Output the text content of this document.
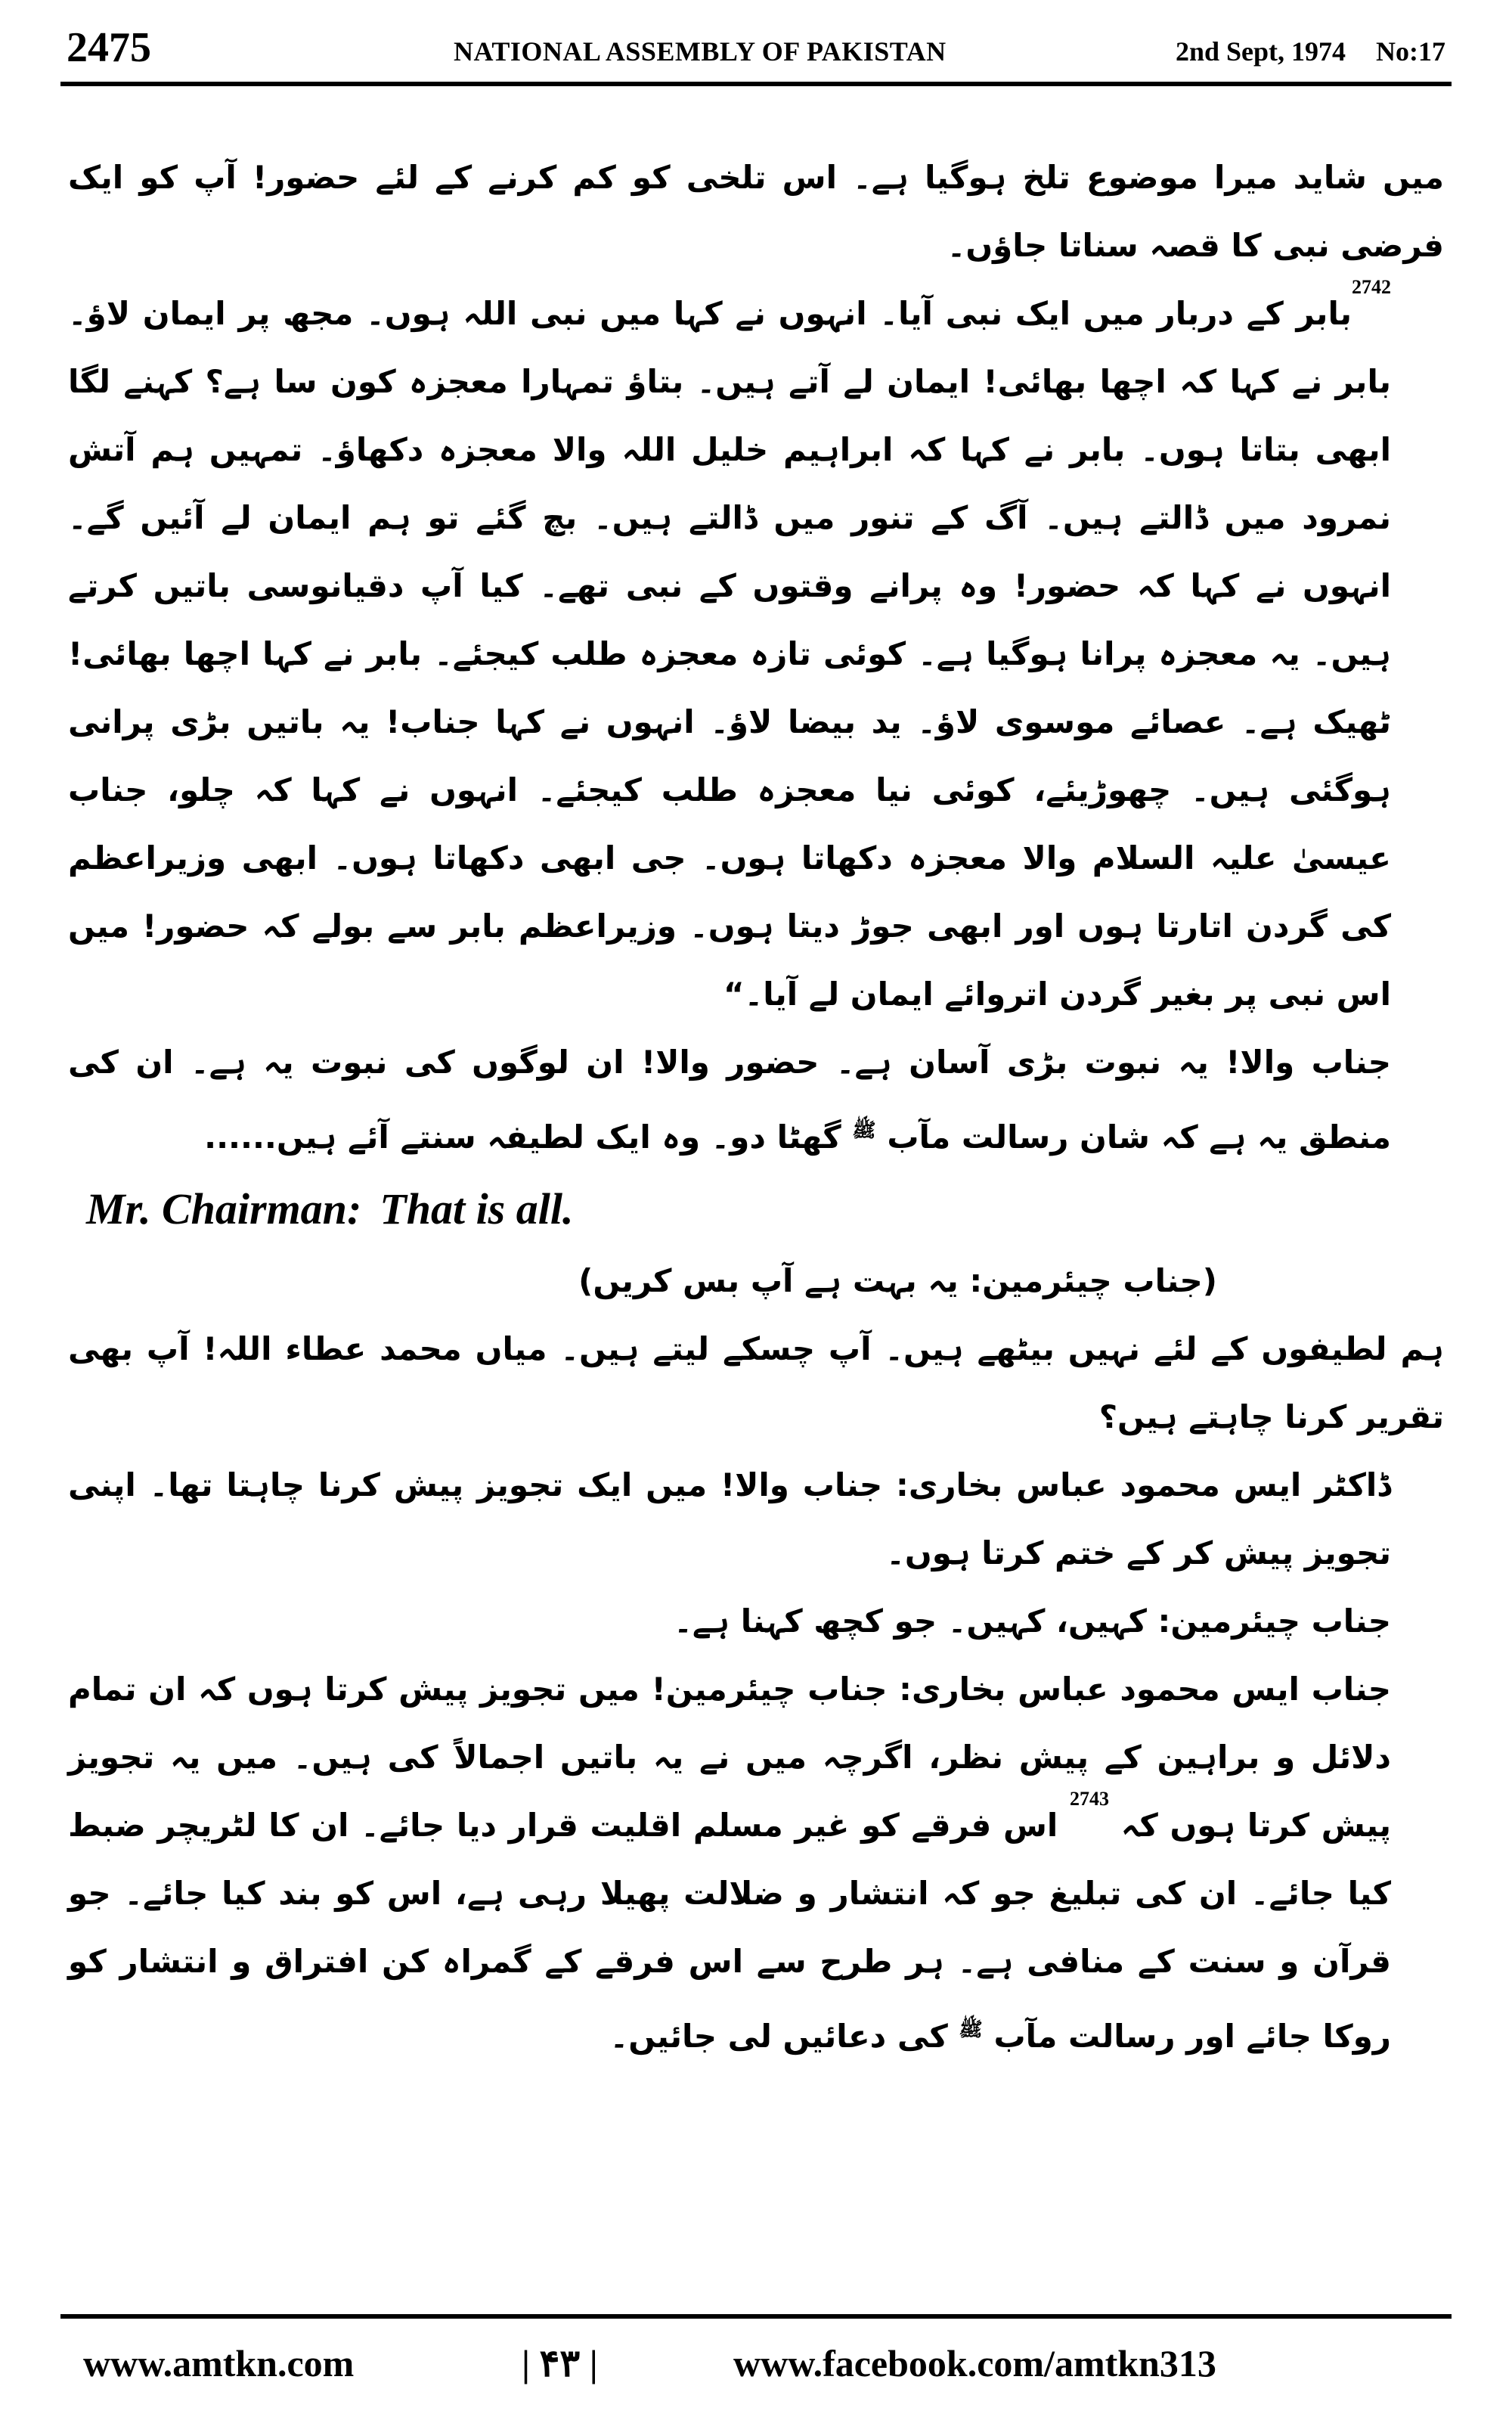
2475	NATIONAL ASSEMBLY OF PAKISTAN	2nd Sept, 1974 No:17

میں شاید میرا موضوع تلخ ہوگیا ہے۔ اس تلخی کو کم کرنے کے لئے حضور! آپ کو ایک فرضی نبی کا قصہ سناتا جاؤں۔

$^{2742}$بابر کے دربار میں ایک نبی آیا۔ انہوں نے کہا میں نبی اللہ ہوں۔ مجھ پر ایمان لاؤ۔ بابر نے کہا کہ اچھا بھائی! ایمان لے آتے ہیں۔ بتاؤ تمہارا معجزہ کون سا ہے؟ کہنے لگا ابھی بتاتا ہوں۔ بابر نے کہا کہ ابراہیم خلیل اللہ والا معجزہ دکھاؤ۔ تمہیں ہم آتش نمرود میں ڈالتے ہیں۔ آگ کے تنور میں ڈالتے ہیں۔ بچ گئے تو ہم ایمان لے آئیں گے۔ انہوں نے کہا کہ حضور! وہ پرانے وقتوں کے نبی تھے۔ کیا آپ دقیانوسی باتیں کرتے ہیں۔ یہ معجزہ پرانا ہوگیا ہے۔ کوئی تازہ معجزہ طلب کیجئے۔ بابر نے کہا اچھا بھائی! ٹھیک ہے۔ عصائے موسوی لاؤ۔ ید بیضا لاؤ۔ انہوں نے کہا جناب! یہ باتیں بڑی پرانی ہوگئی ہیں۔ چھوڑیئے، کوئی نیا معجزہ طلب کیجئے۔ انہوں نے کہا کہ چلو، جناب عیسیٰ علیہ السلام والا معجزہ دکھاتا ہوں۔ جی ابھی دکھاتا ہوں۔ ابھی وزیراعظم کی گردن اتارتا ہوں اور ابھی جوڑ دیتا ہوں۔ وزیراعظم بابر سے بولے کہ حضور! میں اس نبی پر بغیر گردن اتروائے ایمان لے آیا۔“

جناب والا! یہ نبوت بڑی آسان ہے۔ حضور والا! ان لوگوں کی نبوت یہ ہے۔ ان کی منطق یہ ہے کہ شان رسالت مآب $^ﷺ$ گھٹا دو۔ وہ ایک لطیفہ سنتے آئے ہیں......

Mr. Chairman: That is all.

(جناب چیئرمین: یہ بہت ہے آپ بس کریں)

ہم لطیفوں کے لئے نہیں بیٹھے ہیں۔ آپ چسکے لیتے ہیں۔ میاں محمد عطاء اللہ! آپ بھی تقریر کرنا چاہتے ہیں؟

ڈاکٹر ایس محمود عباس بخاری: جناب والا! میں ایک تجویز پیش کرنا چاہتا تھا۔ اپنی تجویز پیش کر کے ختم کرتا ہوں۔

جناب چیئرمین: کہیں، کہیں۔ جو کچھ کہنا ہے۔

جناب ایس محمود عباس بخاری: جناب چیئرمین! میں تجویز پیش کرتا ہوں کہ ان تمام دلائل و براہین کے پیش نظر، اگرچہ میں نے یہ باتیں اجمالاً کی ہیں۔ میں یہ تجویز پیش کرتا ہوں کہ $^{2743}$ اس فرقے کو غیر مسلم اقلیت قرار دیا جائے۔ ان کا لٹریچر ضبط کیا جائے۔ ان کی تبلیغ جو کہ انتشار و ضلالت پھیلا رہی ہے، اس کو بند کیا جائے۔ جو قرآن و سنت کے منافی ہے۔ ہر طرح سے اس فرقے کے گمراہ کن افتراق و انتشار کو روکا جائے اور رسالت مآب $^ﷺ$ کی دعائیں لی جائیں۔

www.amtkn.com	| ۴۳ |	www.facebook.com/amtkn313
